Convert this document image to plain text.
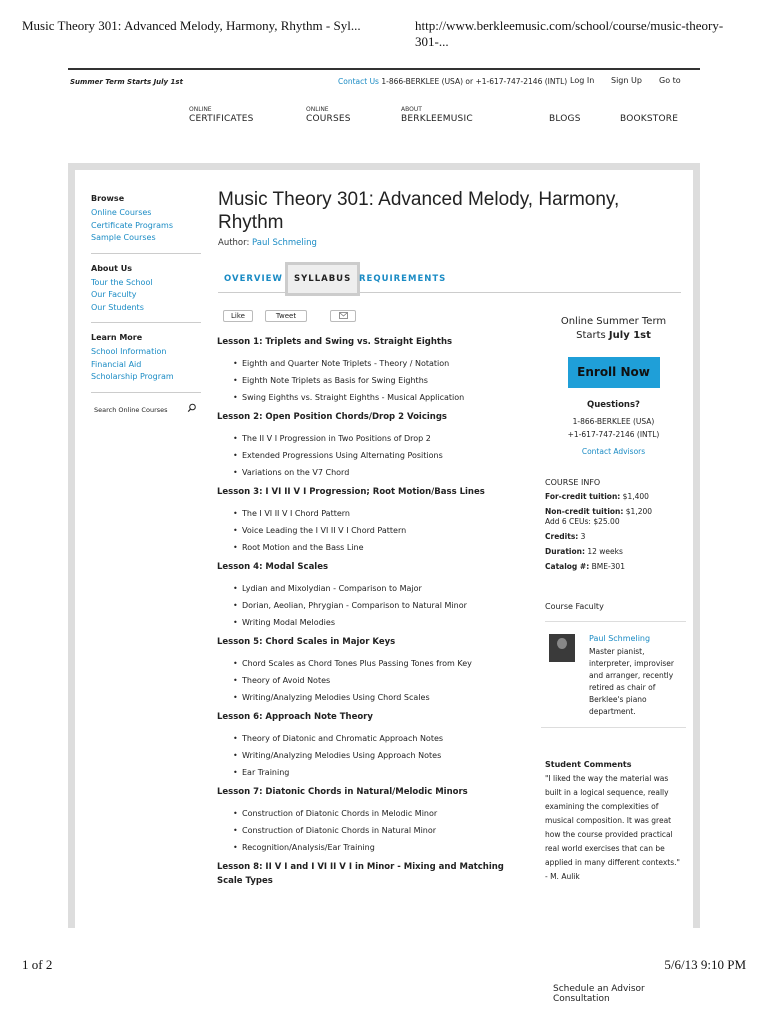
Music Theory 301: Advanced Melody, Harmony, Rhythm - Syl...	http://www.berkleemusic.com/school/course/music-theory-301-...
Summer Term Starts July 1st	Contact Us 1-866-BERKLEE (USA) or +1-617-747-2146 (INTL) Log In Sign Up Go to
ONLINE
CERTIFICATES
ONLINE
COURSES
ABOUT
BERKLEEMUSIC	BLOGS	BOOKSTORE
Browse
Online Courses
Certificate Programs
Sample Courses
About Us
Tour the School
Our Faculty
Our Students
Learn More
School Information
Financial Aid
Scholarship Program
Search Online Courses
Music Theory 301: Advanced Melody, Harmony, Rhythm
Author: Paul Schmeling
OVERVIEW	SYLLABUS REQUIREMENTS
Like	Tweet
Lesson 1: Triplets and Swing vs. Straight Eighths
• Eighth and Quarter Note Triplets - Theory / Notation
• Eighth Note Triplets as Basis for Swing Eighths
• Swing Eighths vs. Straight Eighths - Musical Application
Lesson 2: Open Position Chords/Drop 2 Voicings
• The II V I Progression in Two Positions of Drop 2
• Extended Progressions Using Alternating Positions
• Variations on the V7 Chord
Lesson 3: I VI II V I Progression; Root Motion/Bass Lines
• The I VI II V I Chord Pattern
• Voice Leading the I VI II V I Chord Pattern
• Root Motion and the Bass Line
Lesson 4: Modal Scales
• Lydian and Mixolydian - Comparison to Major
• Dorian, Aeolian, Phrygian - Comparison to Natural Minor
• Writing Modal Melodies
Lesson 5: Chord Scales in Major Keys
• Chord Scales as Chord Tones Plus Passing Tones from Key
• Theory of Avoid Notes
• Writing/Analyzing Melodies Using Chord Scales
Lesson 6: Approach Note Theory
• Theory of Diatonic and Chromatic Approach Notes
• Writing/Analyzing Melodies Using Approach Notes
• Ear Training
Lesson 7: Diatonic Chords in Natural/Melodic Minors
• Construction of Diatonic Chords in Melodic Minor
• Construction of Diatonic Chords in Natural Minor
• Recognition/Analysis/Ear Training
Lesson 8: II V I and I VI II V I in Minor - Mixing and Matching Scale Types
Online Summer Term
Starts July 1st
Enroll Now
Questions?
1-866-BERKLEE (USA)
+1-617-747-2146 (INTL)
Contact Advisors
COURSE INFO
For-credit tuition: $1,400
Non-credit tuition: $1,200
Add 6 CEUs: $25.00
Credits: 3
Duration: 12 weeks
Catalog #: BME-301
Course Faculty
Paul Schmeling
Master pianist, interpreter, improviser and arranger, recently retired as chair of Berklee's piano department.
Student Comments
"I liked the way the material was built in a logical sequence, really examining the complexities of musical composition. It was great how the course provided practical real world exercises that can be applied in many different contexts." - M. Aulik
Schedule an Advisor Consultation
1 of 2	5/6/13 9:10 PM
